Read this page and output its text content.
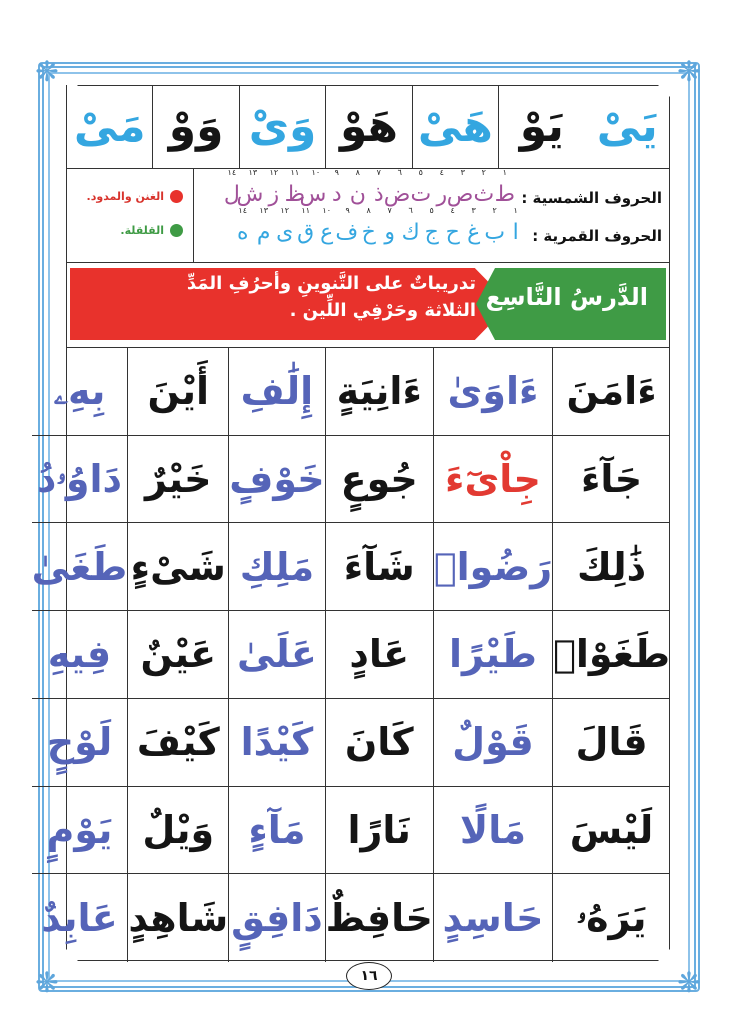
❋	❋
❋	❋
مَىْ وَوْ وَىْ هَوْ هَىْ يَوْ يَىْ
الغنن والمدود.
القلقلة.
الحروف الشمسية :
١
ط
٢
ث
٣
ص
٤
ر
٥
ت
٦
ض
٧
ذ
٨
ن
٩
د
١٠
س
١١
ظ
١٢
ز
١٣
ش
١٤
ل
الحروف القمرية :
١
ا
٢
ب
٣
غ
٤
ح
٥
ج
٦
ك
٧
و
٨
خ
٩
ف
١٠
ع
١١
ق
١٢
ى
١٣
م
١٤
ه
تدريباتٌ على التَّنوينِ وأحرُفِ المَدِّ
الثلاثة وحَرْفِي اللِّين . الدَّرسُ التَّاسِع
ءَامَنَ
ءَاوَىٰ
ءَانِيَةٍ
إِلَٰفِ
أَيْنَ
بِهِۦ
جَآءَ
جِاْىٓءَ
جُوعٍ
خَوْفٍ
خَيْرٌ
دَاوُۥدُ
ذَٰلِكَ
رَضُوا۟
شَآءَ
مَلِكِ
شَىْءٍ
طَغَىٰ
طَغَوْا۟
طَيْرًا
عَادٍ
عَلَىٰ
عَيْنٌ
فِيهِ
قَالَ
قَوْلٌ
كَانَ
كَيْدًا
كَيْفَ
لَوْحٍ
لَيْسَ
مَالًا
نَارًا
مَآءٍ
وَيْلٌ
يَوْمٍ
يَرَهُۥ
حَاسِدٍ
حَافِظٌ
دَافِقٍ
شَاهِدٍ
عَابِدٌ
١٦
